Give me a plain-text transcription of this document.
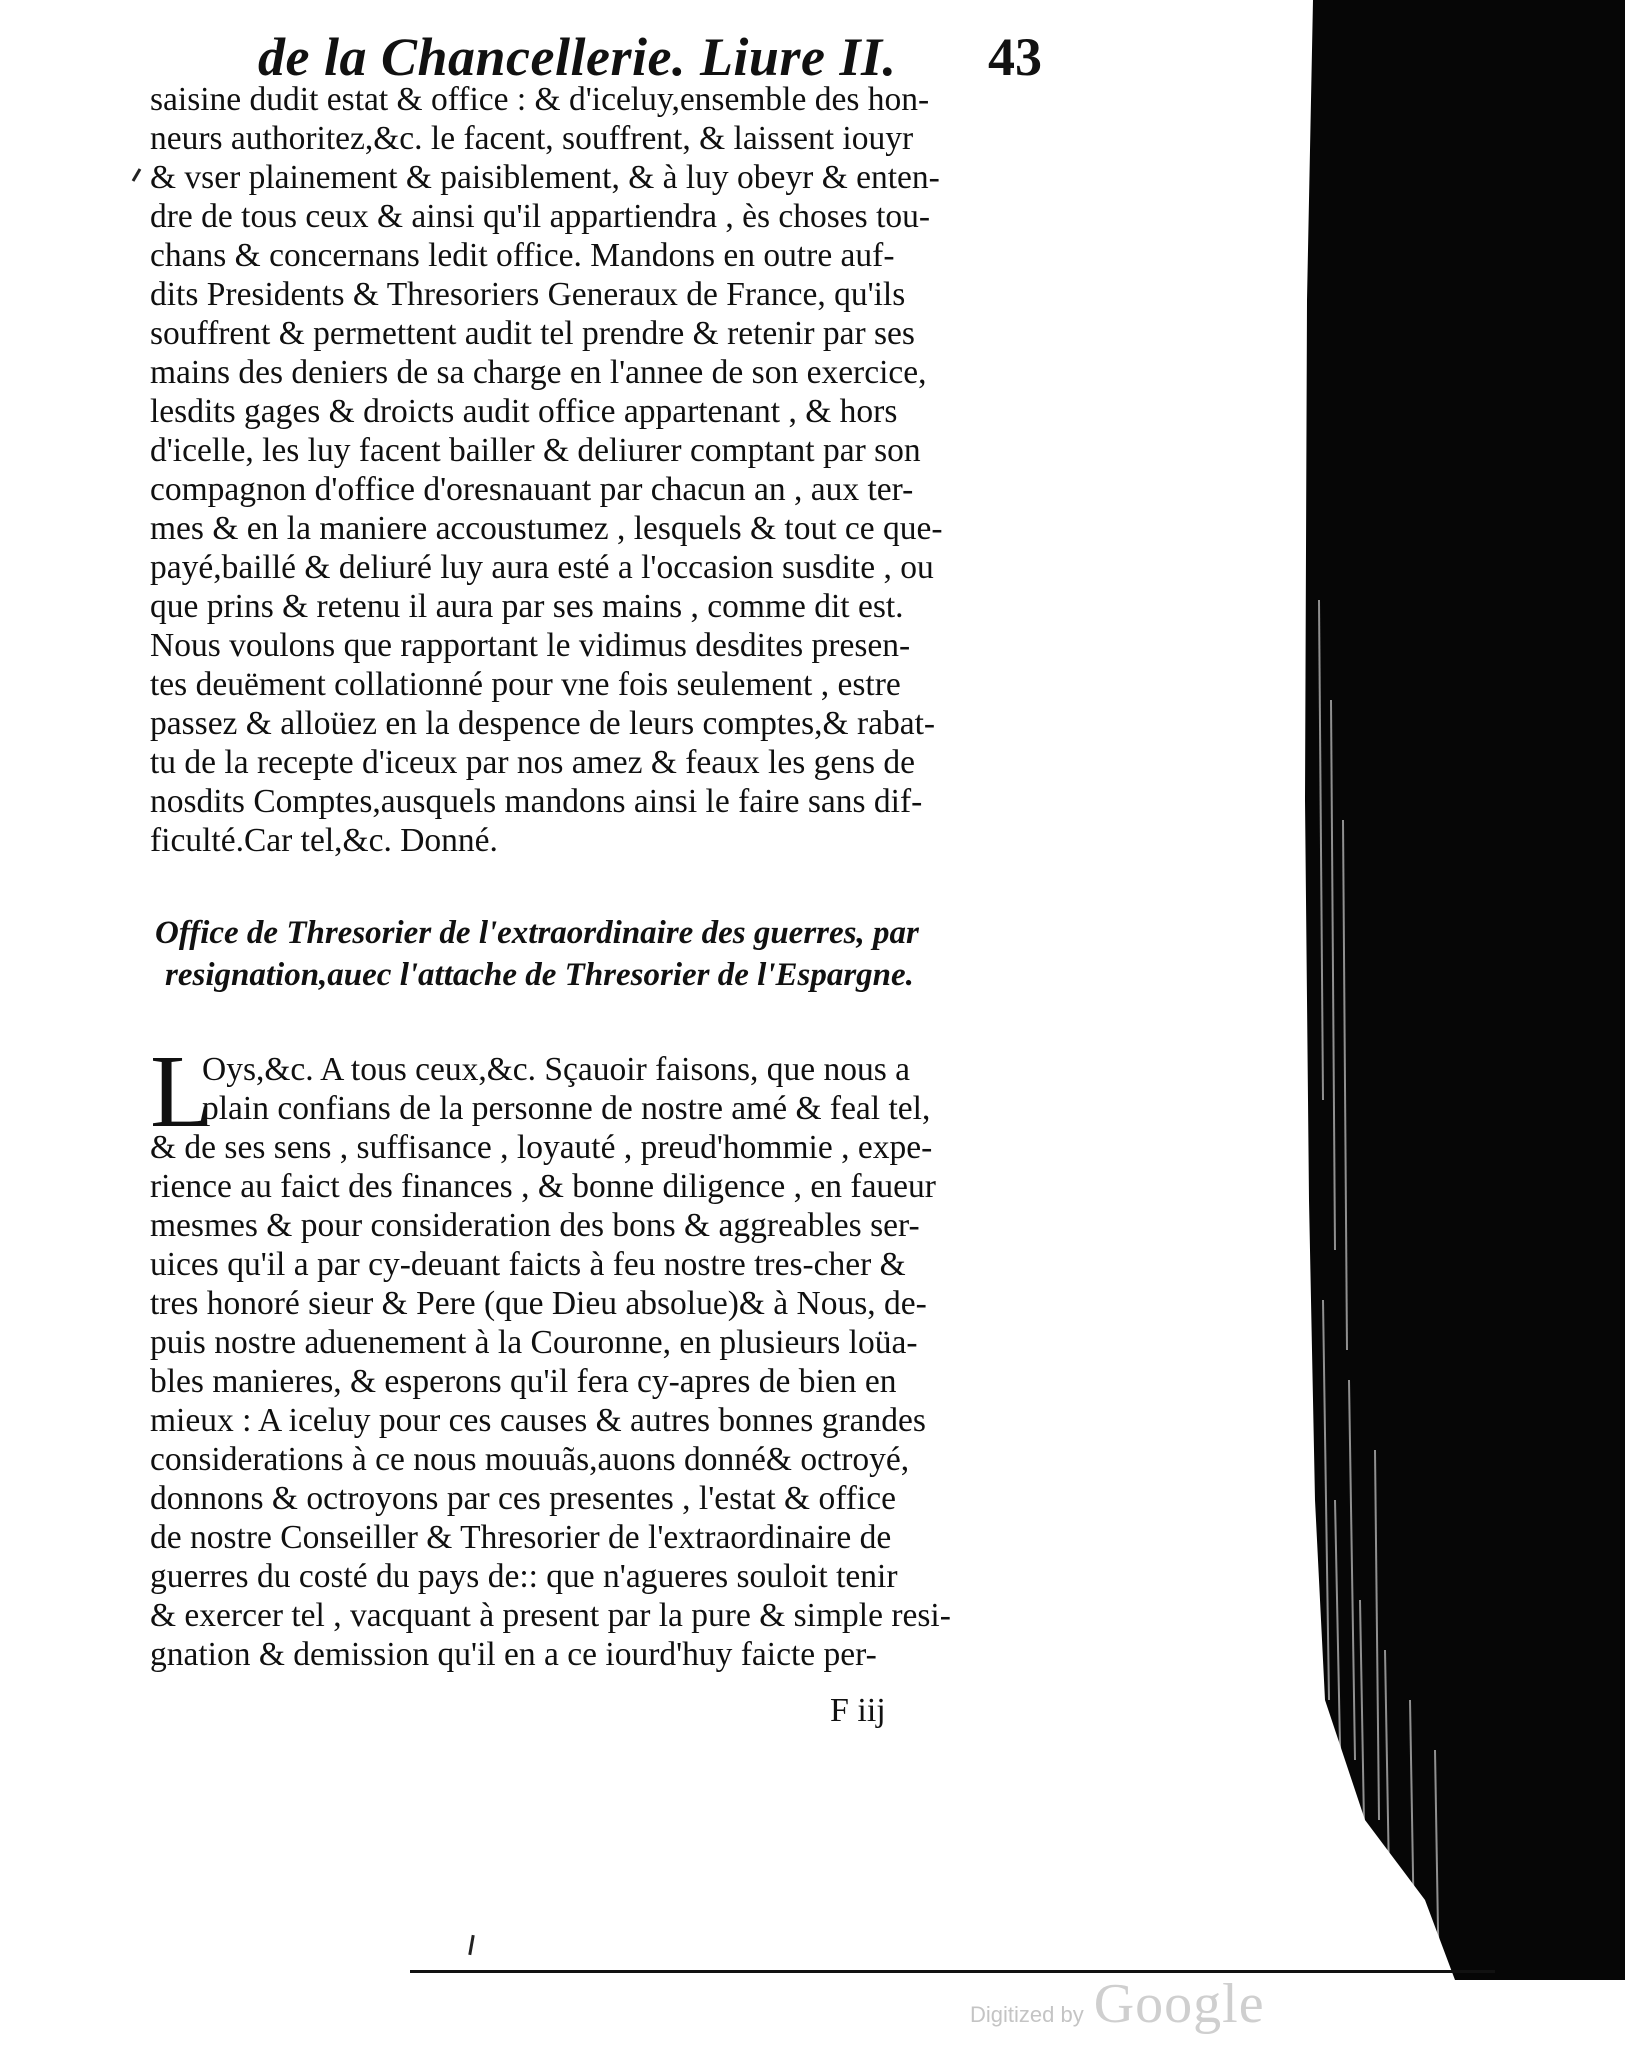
de la Chancellerie. Liure II. 43
saisine dudit estat & office : & d'iceluy,ensemble des hon-
neurs authoritez,&c. le facent, souffrent, & laissent iouyr
& vser plainement & paisiblement, & à luy obeyr & enten-
dre de tous ceux & ainsi qu'il appartiendra , ès choses tou-
chans & concernans ledit office. Mandons en outre auf-
dits Presidents & Thresoriers Generaux de France, qu'ils
souffrent & permettent audit tel prendre & retenir par ses
mains des deniers de sa charge en l'annee de son exercice,
lesdits gages & droicts audit office appartenant , & hors
d'icelle, les luy facent bailler & deliurer comptant par son
compagnon d'office d'oresnauant par chacun an , aux ter-
mes & en la maniere accoustumez , lesquels & tout ce que-
payé,baillé & deliuré luy aura esté a l'occasion susdite , ou
que prins & retenu il aura par ses mains , comme dit est.
Nous voulons que rapportant le vidimus desdites presen-
tes deuëment collationné pour vne fois seulement , estre
passez & alloüez en la despence de leurs comptes,& rabat-
tu de la recepte d'iceux par nos amez & feaux les gens de
nosdits Comptes,ausquels mandons ainsi le faire sans dif-
ficulté.Car tel,&c. Donné.
Office de Thresorier de l'extraordinaire des guerres, par
resignation,auec l'attache de Thresorier de l'Espargne.
L
Oys,&c. A tous ceux,&c. Sçauoir faisons, que nous a
plain confians de la personne de nostre amé & feal tel,
& de ses sens , suffisance , loyauté , preud'hommie , expe-
rience au faict des finances , & bonne diligence , en faueur
mesmes & pour consideration des bons & aggreables ser-
uices qu'il a par cy-deuant faicts à feu nostre tres-cher &
tres honoré sieur & Pere (que Dieu absolue)& à Nous, de-
puis nostre aduenement à la Couronne, en plusieurs loüa-
bles manieres, & esperons qu'il fera cy-apres de bien en
mieux : A iceluy pour ces causes & autres bonnes grandes
considerations à ce nous mouuãs,auons donné& octroyé,
donnons & octroyons par ces presentes , l'estat & office
de nostre Conseiller & Thresorier de l'extraordinaire de
guerres du costé du pays de:: que n'agueres souloit tenir
& exercer tel , vacquant à present par la pure & simple resi-
gnation & demission qu'il en a ce iourd'huy faicte per-
F iij
Digitized by Google
